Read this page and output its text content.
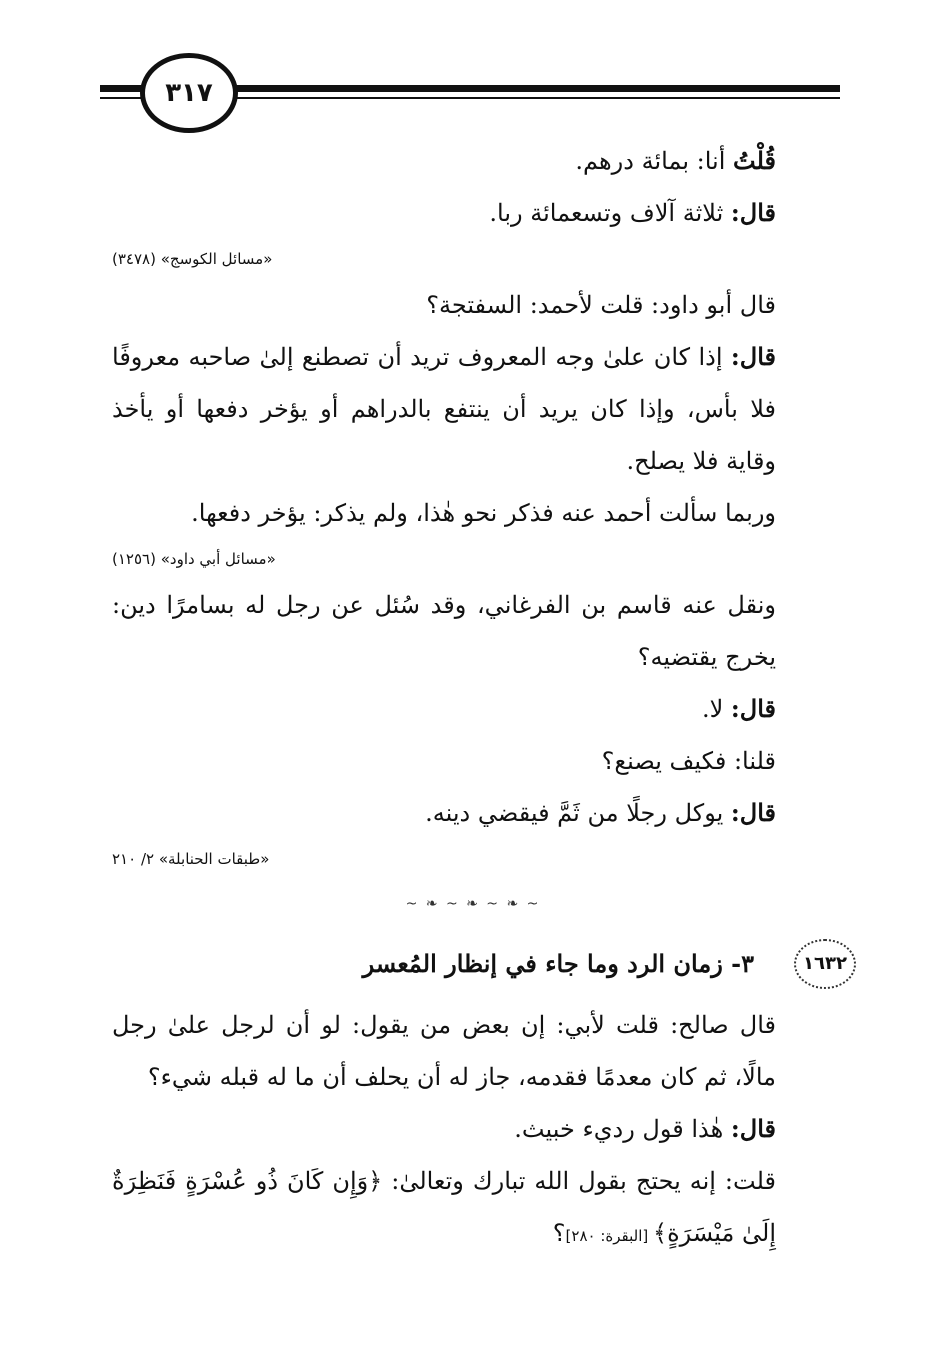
٣١٧

قُلْتُ أنا: بمائة درهم.

قال: ثلاثة آلاف وتسعمائة ربا.

«مسائل الكوسج» (٣٤٧٨)

قال أبو داود: قلت لأحمد: السفتجة؟

قال: إذا كان علىٰ وجه المعروف تريد أن تصطنع إلىٰ صاحبه معروفًا فلا بأس، وإذا كان يريد أن ينتفع بالدراهم أو يؤخر دفعها أو يأخذ وقاية فلا يصلح.

وربما سألت أحمد عنه فذكر نحو هٰذا، ولم يذكر: يؤخر دفعها.

«مسائل أبي داود» (١٢٥٦)

ونقل عنه قاسم بن الفرغاني، وقد سُئل عن رجل له بسامرًا دين: يخرج يقتضيه؟

قال: لا.

قلنا: فكيف يصنع؟

قال: يوكل رجلًا من ثَمَّ فيقضي دينه.

«طبقات الحنابلة» ٢/ ٢١٠

~ ❧ ~ ❧ ~ ❧ ~
١٦٣٢
٣- زمان الرد وما جاء في إنظار المُعسر

قال صالح: قلت لأبي: إن بعض من يقول: لو أن لرجل علىٰ رجل مالًا، ثم كان معدمًا فقدمه، جاز له أن يحلف أن ما له قبله شيء؟

قال: هٰذا قول رديء خبيث.

قلت: إنه يحتج بقول الله تبارك وتعالىٰ: ﴿وَإِن كَانَ ذُو عُسْرَةٍ فَنَظِرَةٌ إِلَىٰ مَيْسَرَةٍ﴾ [البقرة: ٢٨٠]؟
